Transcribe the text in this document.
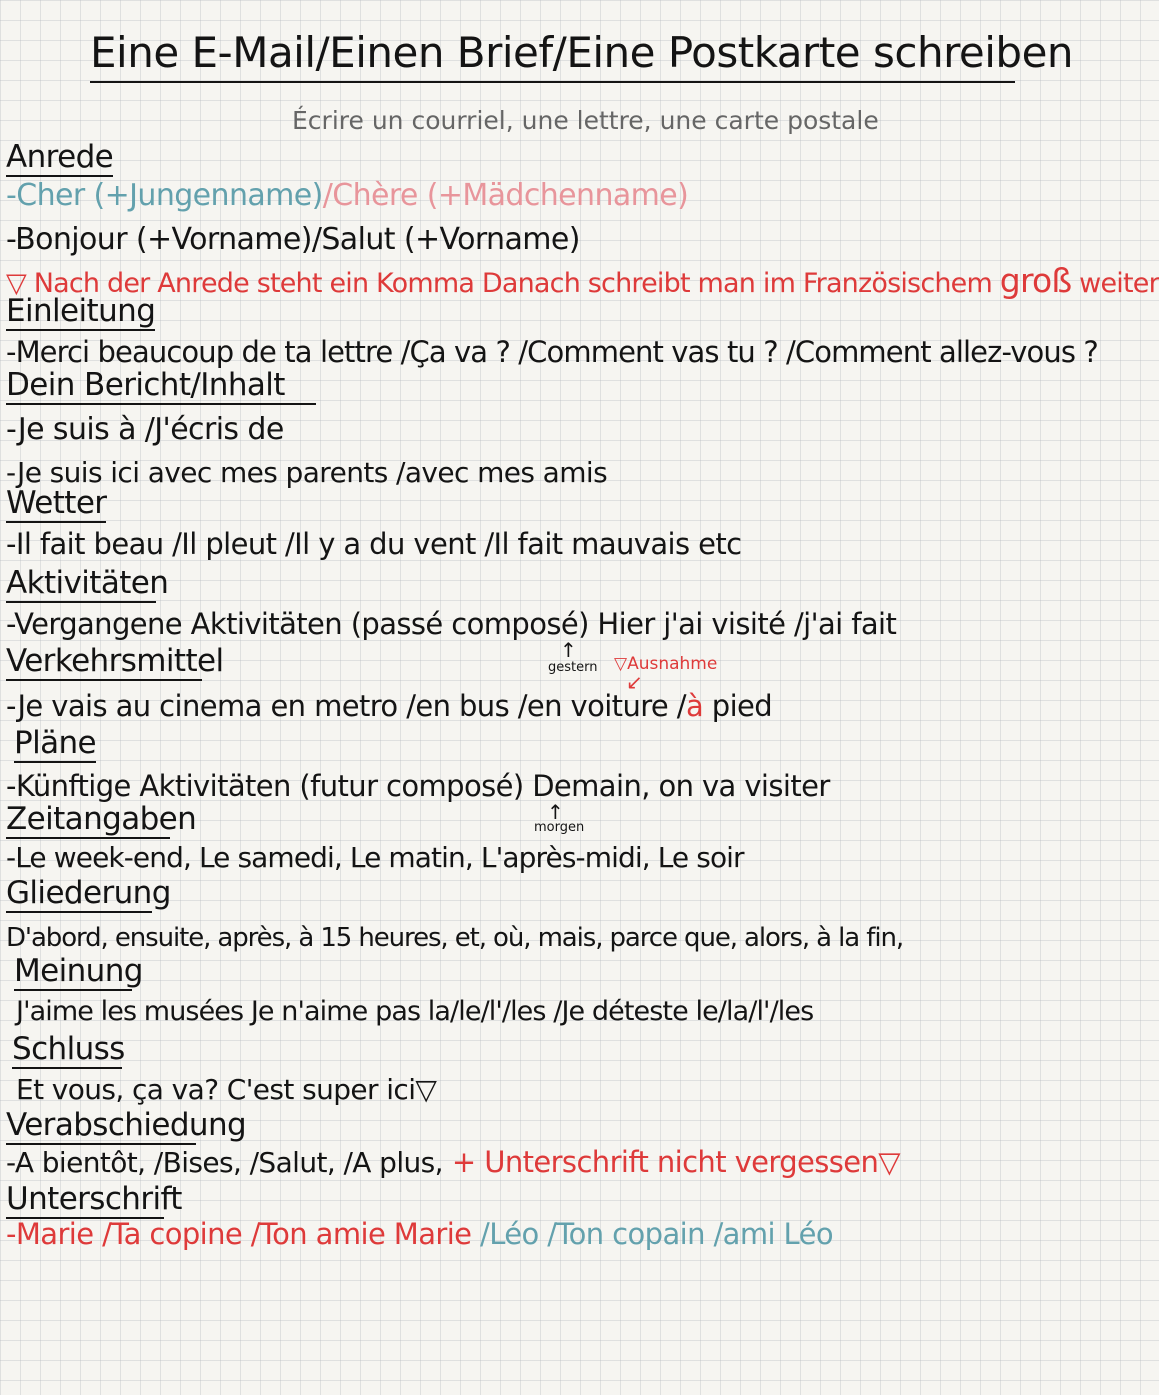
Eine E-Mail/Einen Brief/Eine Postkarte schreiben
Écrire un courriel, une lettre, une carte postale
Anrede
-Cher (+Jungenname)/Chère (+Mädchenname)
-Bonjour (+Vorname)/Salut (+Vorname)
▽ Nach der Anrede steht ein Komma Danach schreibt man im Französischem groß weiter
Einleitung
-Merci beaucoup de ta lettre /Ça va ? /Comment vas tu ? /Comment allez-vous ?
Dein Bericht/Inhalt
-Je suis à /J'écris de
-Je suis ici avec mes parents /avec mes amis
Wetter
-Il fait beau /Il pleut /Il y a du vent /Il fait mauvais etc
Aktivitäten
-Vergangene Aktivitäten (passé composé) Hier j'ai visité /j'ai fait
Verkehrsmittel	↑
gestern ▽Ausnahme
↙
-Je vais au cinema en metro /en bus /en voiture /à pied
Pläne
-Künftige Aktivitäten (futur composé) Demain, on va visiter
Zeitangaben	↑
morgen
-Le week-end, Le samedi, Le matin, L'après-midi, Le soir
Gliederung
D'abord, ensuite, après, à 15 heures, et, où, mais, parce que, alors, à la fin,
Meinung
J'aime les musées Je n'aime pas la/le/l'/les /Je déteste le/la/l'/les
Schluss
Et vous, ça va? C'est super ici▽
Verabschiedung
-A bientôt, /Bises, /Salut, /A plus, + Unterschrift nicht vergessen▽
Unterschrift
-Marie /Ta copine /Ton amie Marie /Léo /Ton copain /ami Léo
